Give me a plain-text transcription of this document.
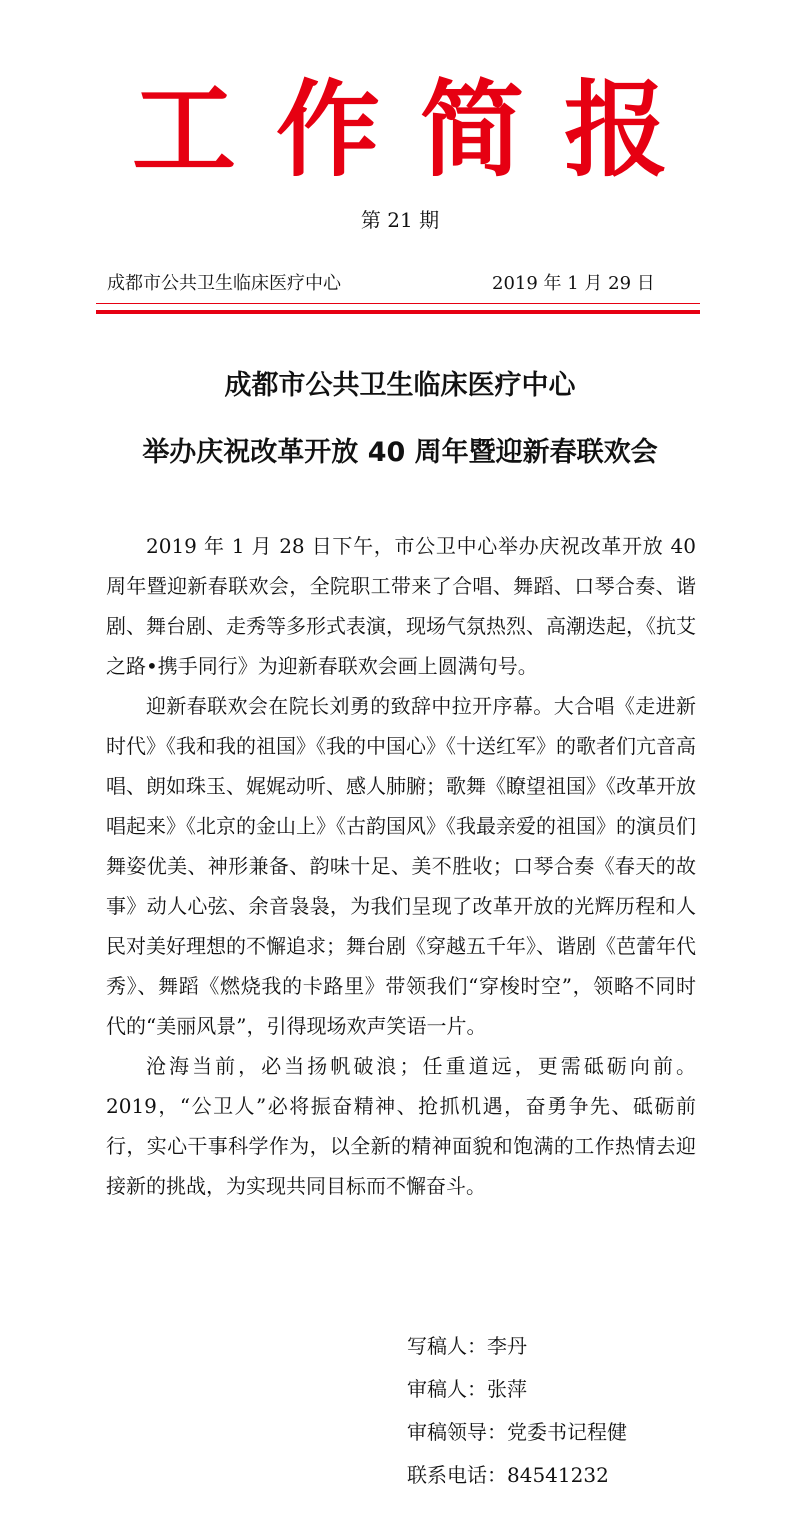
工作简报
第 21 期
成都市公共卫生临床医疗中心	2019 年 1 月 29 日
成都市公共卫生临床医疗中心
举办庆祝改革开放 40 周年暨迎新春联欢会

2019 年 1 月 28 日下午，市公卫中心举办庆祝改革开放 40 周年暨迎新春联欢会，全院职工带来了合唱、舞蹈、口琴合奏、谐剧、舞台剧、走秀等多形式表演，现场气氛热烈、高潮迭起，《抗艾之路•携手同行》为迎新春联欢会画上圆满句号。

迎新春联欢会在院长刘勇的致辞中拉开序幕。大合唱《走进新时代》《我和我的祖国》《我的中国心》《十送红军》的歌者们亢音高唱、朗如珠玉、娓娓动听、感人肺腑；歌舞《瞭望祖国》《改革开放唱起来》《北京的金山上》《古韵国风》《我最亲爱的祖国》的演员们舞姿优美、神形兼备、韵味十足、美不胜收；口琴合奏《春天的故事》动人心弦、余音袅袅，为我们呈现了改革开放的光辉历程和人民对美好理想的不懈追求；舞台剧《穿越五千年》、谐剧《芭蕾年代秀》、舞蹈《燃烧我的卡路里》带领我们“穿梭时空”，领略不同时代的“美丽风景”，引得现场欢声笑语一片。

沧海当前，必当扬帆破浪；任重道远，更需砥砺向前。2019，“公卫人”必将振奋精神、抢抓机遇，奋勇争先、砥砺前行，实心干事科学作为，以全新的精神面貌和饱满的工作热情去迎接新的挑战，为实现共同目标而不懈奋斗。

写稿人：李丹
审稿人：张萍
审稿领导：党委书记程健
联系电话：84541232
